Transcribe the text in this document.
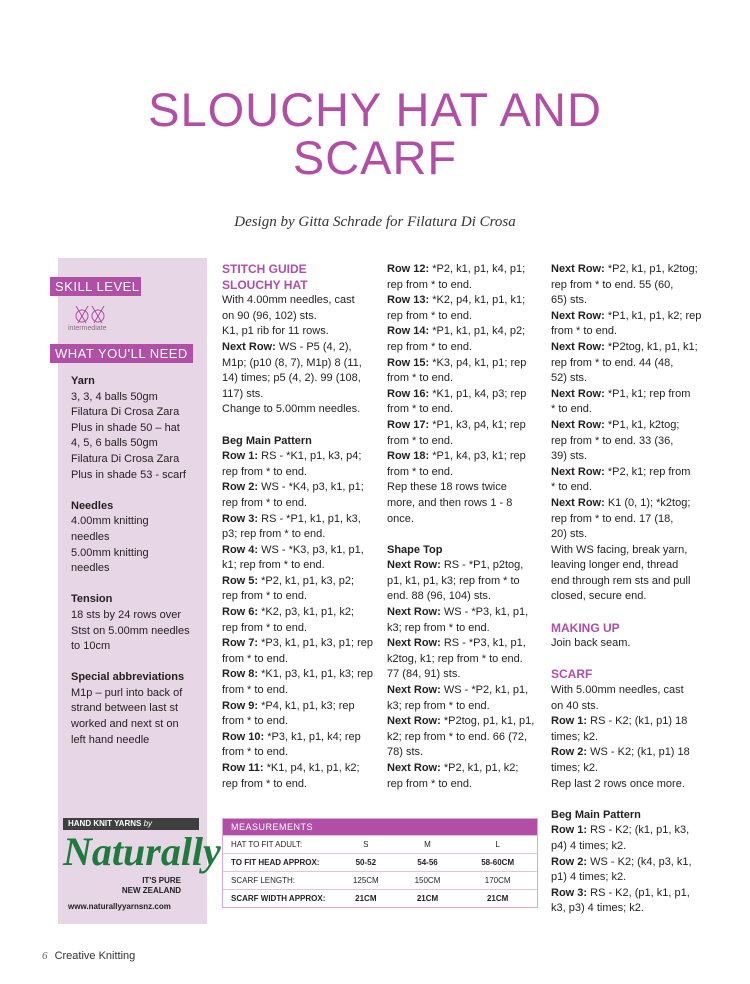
SLOUCHY HAT AND
SCARF
Design by Gitta Schrade for Filatura Di Crosa
SKILL LEVEL
intermediate
WHAT YOU'LL NEED
Yarn
3, 3, 4 balls 50gm
Filatura Di Crosa Zara
Plus in shade 50 – hat
4, 5, 6 balls 50gm
Filatura Di Crosa Zara
Plus in shade 53 - scarf
Needles
4.00mm knitting
needles
5.00mm knitting
needles
Tension
18 sts by 24 rows over
Stst on 5.00mm needles
to 10cm
Special abbreviations
M1p – purl into back of
strand between last st
worked and next st on
left hand needle
HAND KNIT YARNS by
Naturally
IT'S PURE
NEW ZEALAND
www.naturallyyarnsnz.com

STITCH GUIDE

SLOUCHY HAT

With 4.00mm needles, cast

on 90 (96, 102) sts.

K1, p1 rib for 11 rows.

Next Row: WS - P5 (4, 2),

M1p; (p10 (8, 7), M1p) 8 (11,

14) times; p5 (4, 2). 99 (108,

117) sts.

Change to 5.00mm needles.

Beg Main Pattern

Row 1: RS - *K1, p1, k3, p4;

rep from * to end.

Row 2: WS - *K4, p3, k1, p1;

rep from * to end.

Row 3: RS - *P1, k1, p1, k3,

p3; rep from * to end.

Row 4: WS - *K3, p3, k1, p1,

k1; rep from * to end.

Row 5: *P2, k1, p1, k3, p2;

rep from * to end.

Row 6: *K2, p3, k1, p1, k2;

rep from * to end.

Row 7: *P3, k1, p1, k3, p1; rep

from * to end.

Row 8: *K1, p3, k1, p1, k3; rep

from * to end.

Row 9: *P4, k1, p1, k3; rep

from * to end.

Row 10: *P3, k1, p1, k4; rep

from * to end.

Row 11: *K1, p4, k1, p1, k2;

rep from * to end.

Row 12: *P2, k1, p1, k4, p1;

rep from * to end.

Row 13: *K2, p4, k1, p1, k1;

rep from * to end.

Row 14: *P1, k1, p1, k4, p2;

rep from * to end.

Row 15: *K3, p4, k1, p1; rep

from * to end.

Row 16: *K1, p1, k4, p3; rep

from * to end.

Row 17: *P1, k3, p4, k1; rep

from * to end.

Row 18: *P1, k4, p3, k1; rep

from * to end.

Rep these 18 rows twice

more, and then rows 1 - 8

once.

Shape Top

Next Row: RS - *P1, p2tog,

p1, k1, p1, k3; rep from * to

end. 88 (96, 104) sts.

Next Row: WS - *P3, k1, p1,

k3; rep from * to end.

Next Row: RS - *P3, k1, p1,

k2tog, k1; rep from * to end.

77 (84, 91) sts.

Next Row: WS - *P2, k1, p1,

k3; rep from * to end.

Next Row: *P2tog, p1, k1, p1,

k2; rep from * to end. 66 (72,

78) sts.

Next Row: *P2, k1, p1, k2;

rep from * to end.

Next Row: *P2, k1, p1, k2tog;

rep from * to end. 55 (60,

65) sts.

Next Row: *P1, k1, p1, k2; rep

from * to end.

Next Row: *P2tog, k1, p1, k1;

rep from * to end. 44 (48,

52) sts.

Next Row: *P1, k1; rep from

* to end.

Next Row: *P1, k1, k2tog;

rep from * to end. 33 (36,

39) sts.

Next Row: *P2, k1; rep from

* to end.

Next Row: K1 (0, 1); *k2tog;

rep from * to end. 17 (18,

20) sts.

With WS facing, break yarn,

leaving longer end, thread

end through rem sts and pull

closed, secure end.

MAKING UP

Join back seam.

SCARF

With 5.00mm needles, cast

on 40 sts.

Row 1: RS - K2; (k1, p1) 18

times; k2.

Row 2: WS - K2; (k1, p1) 18

times; k2.

Rep last 2 rows once more.

Beg Main Pattern

Row 1: RS - K2; (k1, p1, k3,

p4) 4 times; k2.

Row 2: WS - K2; (k4, p3, k1,

p1) 4 times; k2.

Row 3: RS - K2, (p1, k1, p1,

k3, p3) 4 times; k2.

MEASUREMENTS
HAT TO FIT ADULT:	S	M	L
TO FIT HEAD APPROX:	50-52	54-56	58-60CM
SCARF LENGTH:	125CM	150CM	170CM
SCARF WIDTH APPROX:	21CM	21CM	21CM
6 Creative Knitting
